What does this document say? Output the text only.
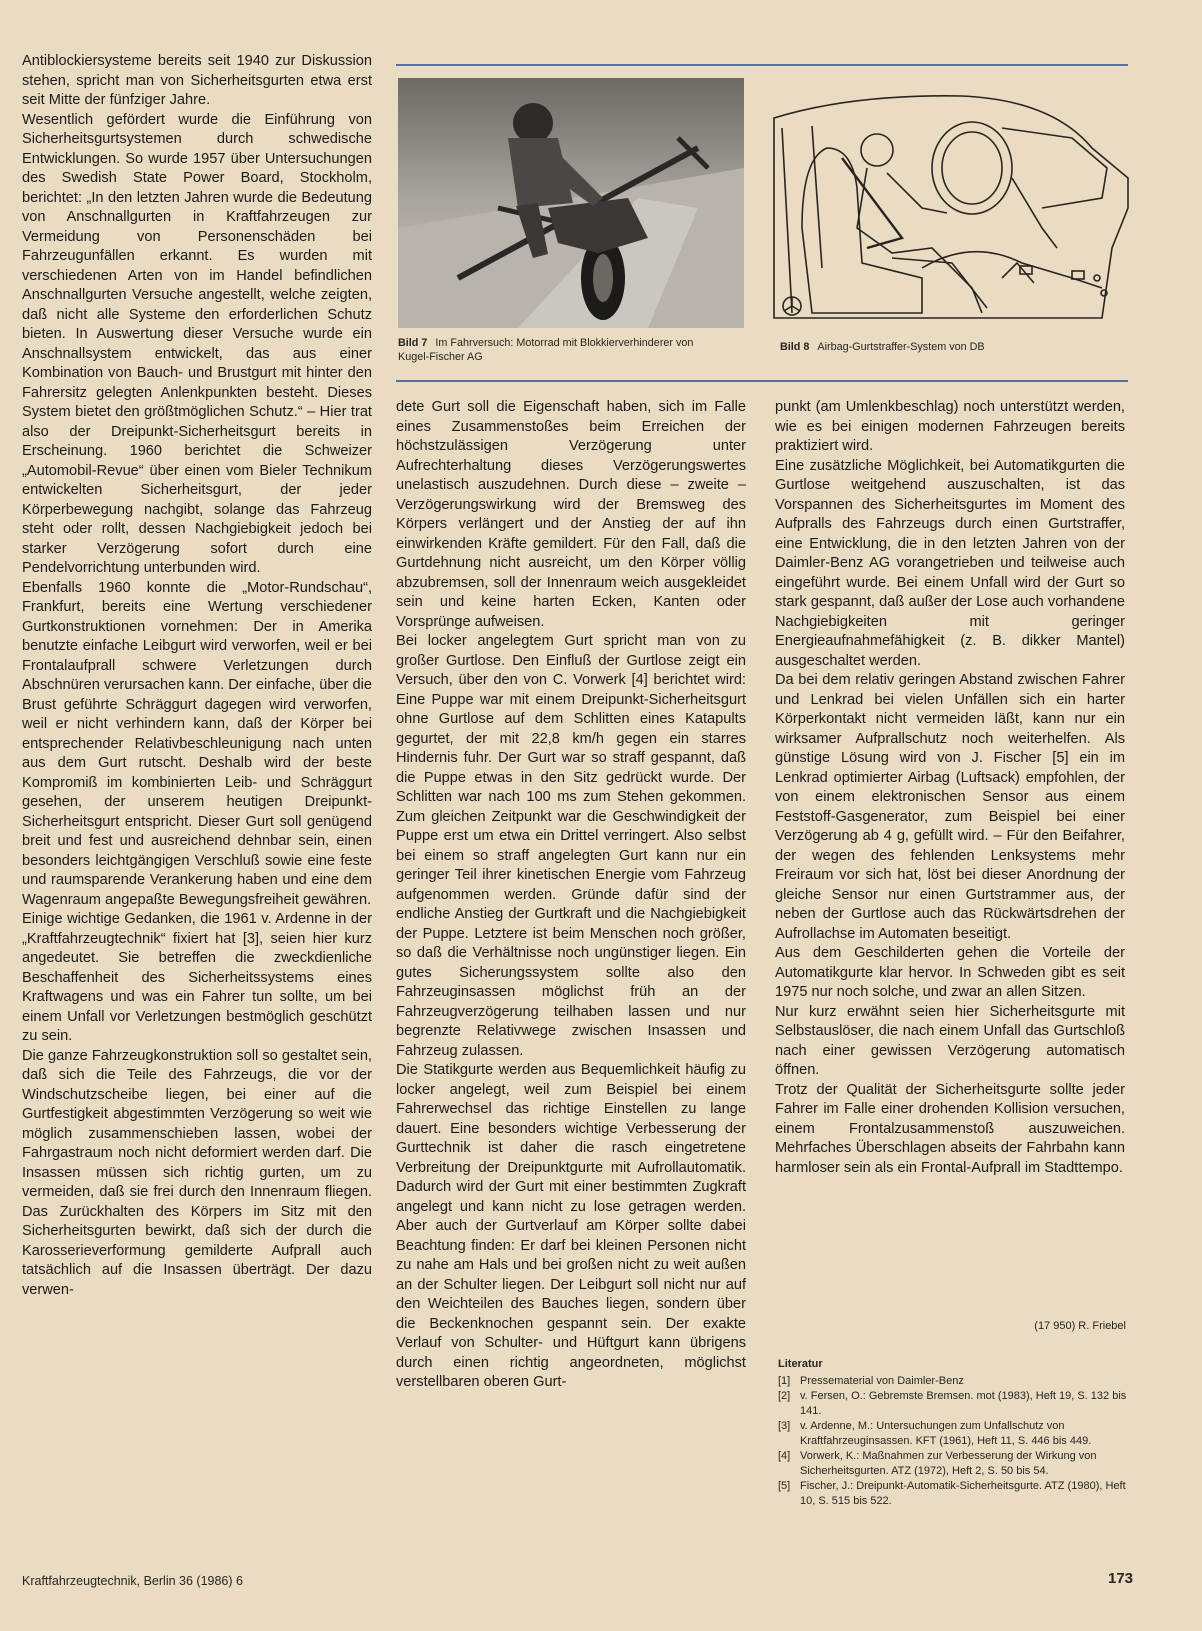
Antiblockiersysteme bereits seit 1940 zur Diskussion stehen, spricht man von Sicherheitsgurten etwa erst seit Mitte der fünfziger Jahre.

Wesentlich gefördert wurde die Einführung von Sicherheitsgurtsystemen durch schwedische Entwicklungen. So wurde 1957 über Untersuchungen des Swedish State Power Board, Stockholm, berichtet: „In den letzten Jahren wurde die Bedeutung von Anschnallgurten in Kraftfahrzeugen zur Vermeidung von Personenschäden bei Fahrzeugunfällen erkannt. Es wurden mit verschiedenen Arten von im Handel befindlichen Anschnallgurten Versuche angestellt, welche zeigten, daß nicht alle Systeme den erforderlichen Schutz bieten. In Auswertung dieser Versuche wurde ein Anschnallsystem entwickelt, das aus einer Kombination von Bauch- und Brustgurt mit hinter den Fahrersitz gelegten Anlenkpunkten besteht. Dieses System bietet den größtmöglichen Schutz.“ – Hier trat also der Dreipunkt-Sicherheitsgurt bereits in Erscheinung. 1960 berichtet die Schweizer „Automobil-Revue“ über einen vom Bieler Technikum entwickelten Sicherheitsgurt, der jeder Körperbewegung nachgibt, solange das Fahrzeug steht oder rollt, dessen Nachgiebigkeit jedoch bei starker Verzögerung sofort durch eine Pendelvorrichtung unterbunden wird.

Ebenfalls 1960 konnte die „Motor-Rundschau“, Frankfurt, bereits eine Wertung verschiedener Gurtkonstruktionen vornehmen: Der in Amerika benutzte einfache Leibgurt wird verworfen, weil er bei Frontalaufprall schwere Verletzungen durch Abschnüren verursachen kann. Der einfache, über die Brust geführte Schräggurt dagegen wird verworfen, weil er nicht verhindern kann, daß der Körper bei entsprechender Relativbeschleunigung nach unten aus dem Gurt rutscht. Deshalb wird der beste Kompromiß im kombinierten Leib- und Schräggurt gesehen, der unserem heutigen Dreipunkt-Sicherheitsgurt entspricht. Dieser Gurt soll genügend breit und fest und ausreichend dehnbar sein, einen besonders leichtgängigen Verschluß sowie eine feste und raumsparende Verankerung haben und eine dem Wagenraum angepaßte Bewegungsfreiheit gewähren.

Einige wichtige Gedanken, die 1961 v. Ardenne in der „Kraftfahrzeugtechnik“ fixiert hat [3], seien hier kurz angedeutet. Sie betreffen die zweckdienliche Beschaffenheit des Sicherheitssystems eines Kraftwagens und was ein Fahrer tun sollte, um bei einem Unfall vor Verletzungen bestmöglich geschützt zu sein.

Die ganze Fahrzeugkonstruktion soll so gestaltet sein, daß sich die Teile des Fahrzeugs, die vor der Windschutzscheibe liegen, bei einer auf die Gurtfestigkeit abgestimmten Verzögerung so weit wie möglich zusammenschieben lassen, wobei der Fahrgastraum noch nicht deformiert werden darf. Die Insassen müssen sich richtig gurten, um zu vermeiden, daß sie frei durch den Innenraum fliegen. Das Zurückhalten des Körpers im Sitz mit den Sicherheitsgurten bewirkt, daß sich der durch die Karosserieverformung gemilderte Aufprall auch tatsächlich auf die Insassen überträgt. Der dazu verwen-

Bild 7 Im Fahrversuch: Motorrad mit Blokkierverhinderer von Kugel-Fischer AG
Bild 8 Airbag-Gurtstraffer-System von DB

dete Gurt soll die Eigenschaft haben, sich im Falle eines Zusammenstoßes beim Erreichen der höchstzulässigen Verzögerung unter Aufrechterhaltung dieses Verzögerungswertes unelastisch auszudehnen. Durch diese – zweite – Verzögerungswirkung wird der Bremsweg des Körpers verlängert und der Anstieg der auf ihn einwirkenden Kräfte gemildert. Für den Fall, daß die Gurtdehnung nicht ausreicht, um den Körper völlig abzubremsen, soll der Innenraum weich ausgekleidet sein und keine harten Ecken, Kanten oder Vorsprünge aufweisen.

Bei locker angelegtem Gurt spricht man von zu großer Gurtlose. Den Einfluß der Gurtlose zeigt ein Versuch, über den von C. Vorwerk [4] berichtet wird: Eine Puppe war mit einem Dreipunkt-Sicherheitsgurt ohne Gurtlose auf dem Schlitten eines Katapults gegurtet, der mit 22,8 km/h gegen ein starres Hindernis fuhr. Der Gurt war so straff gespannt, daß die Puppe etwas in den Sitz gedrückt wurde. Der Schlitten war nach 100 ms zum Stehen gekommen. Zum gleichen Zeitpunkt war die Geschwindigkeit der Puppe erst um etwa ein Drittel verringert. Also selbst bei einem so straff angelegten Gurt kann nur ein geringer Teil ihrer kinetischen Energie vom Fahrzeug aufgenommen werden. Gründe dafür sind der endliche Anstieg der Gurtkraft und die Nachgiebigkeit der Puppe. Letztere ist beim Menschen noch größer, so daß die Verhältnisse noch ungünstiger liegen. Ein gutes Sicherungssystem sollte also den Fahrzeuginsassen möglichst früh an der Fahrzeugverzögerung teilhaben lassen und nur begrenzte Relativwege zwischen Insassen und Fahrzeug zulassen.

Die Statikgurte werden aus Bequemlichkeit häufig zu locker angelegt, weil zum Beispiel bei einem Fahrerwechsel das richtige Einstellen zu lange dauert. Eine besonders wichtige Verbesserung der Gurttechnik ist daher die rasch eingetretene Verbreitung der Dreipunktgurte mit Aufrollautomatik. Dadurch wird der Gurt mit einer bestimmten Zugkraft angelegt und kann nicht zu lose getragen werden. Aber auch der Gurtverlauf am Körper sollte dabei Beachtung finden: Er darf bei kleinen Personen nicht zu nahe am Hals und bei großen nicht zu weit außen an der Schulter liegen. Der Leibgurt soll nicht nur auf den Weichteilen des Bauches liegen, sondern über die Beckenknochen gespannt sein. Der exakte Verlauf von Schulter- und Hüftgurt kann übrigens durch einen richtig angeordneten, möglichst verstellbaren oberen Gurt-

punkt (am Umlenkbeschlag) noch unterstützt werden, wie es bei einigen modernen Fahrzeugen bereits praktiziert wird.

Eine zusätzliche Möglichkeit, bei Automatikgurten die Gurtlose weitgehend auszuschalten, ist das Vorspannen des Sicherheitsgurtes im Moment des Aufpralls des Fahrzeugs durch einen Gurtstraffer, eine Entwicklung, die in den letzten Jahren von der Daimler-Benz AG vorangetrieben und teilweise auch eingeführt wurde. Bei einem Unfall wird der Gurt so stark gespannt, daß außer der Lose auch vorhandene Nachgiebigkeiten mit geringer Energieaufnahmefähigkeit (z. B. dikker Mantel) ausgeschaltet werden.

Da bei dem relativ geringen Abstand zwischen Fahrer und Lenkrad bei vielen Unfällen sich ein harter Körperkontakt nicht vermeiden läßt, kann nur ein wirksamer Aufprallschutz noch weiterhelfen. Als günstige Lösung wird von J. Fischer [5] ein im Lenkrad optimierter Airbag (Luftsack) empfohlen, der von einem elektronischen Sensor aus einem Feststoff-Gasgenerator, zum Beispiel bei einer Verzögerung ab 4 g, gefüllt wird. – Für den Beifahrer, der wegen des fehlenden Lenksystems mehr Freiraum vor sich hat, löst bei dieser Anordnung der gleiche Sensor nur einen Gurtstrammer aus, der neben der Gurtlose auch das Rückwärtsdrehen der Aufrollachse im Automaten beseitigt.

Aus dem Geschilderten gehen die Vorteile der Automatikgurte klar hervor. In Schweden gibt es seit 1975 nur noch solche, und zwar an allen Sitzen.

Nur kurz erwähnt seien hier Sicherheitsgurte mit Selbstauslöser, die nach einem Unfall das Gurtschloß nach einer gewissen Verzögerung automatisch öffnen.

Trotz der Qualität der Sicherheitsgurte sollte jeder Fahrer im Falle einer drohenden Kollision versuchen, einem Frontalzusammenstoß auszuweichen. Mehrfaches Überschlagen abseits der Fahrbahn kann harmloser sein als ein Frontal-Aufprall im Stadttempo.

(17 950) R. Friebel
Literatur
[1] Pressematerial von Daimler-Benz
[2] v. Fersen, O.: Gebremste Bremsen. mot (1983), Heft 19, S. 132 bis 141.
[3] v. Ardenne, M.: Untersuchungen zum Unfallschutz von Kraftfahrzeuginsassen. KFT (1961), Heft 11, S. 446 bis 449.
[4] Vorwerk, K.: Maßnahmen zur Verbesserung der Wirkung von Sicherheitsgurten. ATZ (1972), Heft 2, S. 50 bis 54.
[5] Fischer, J.: Dreipunkt-Automatik-Sicherheitsgurte. ATZ (1980), Heft 10, S. 515 bis 522.
Kraftfahrzeugtechnik, Berlin 36 (1986) 6	173
